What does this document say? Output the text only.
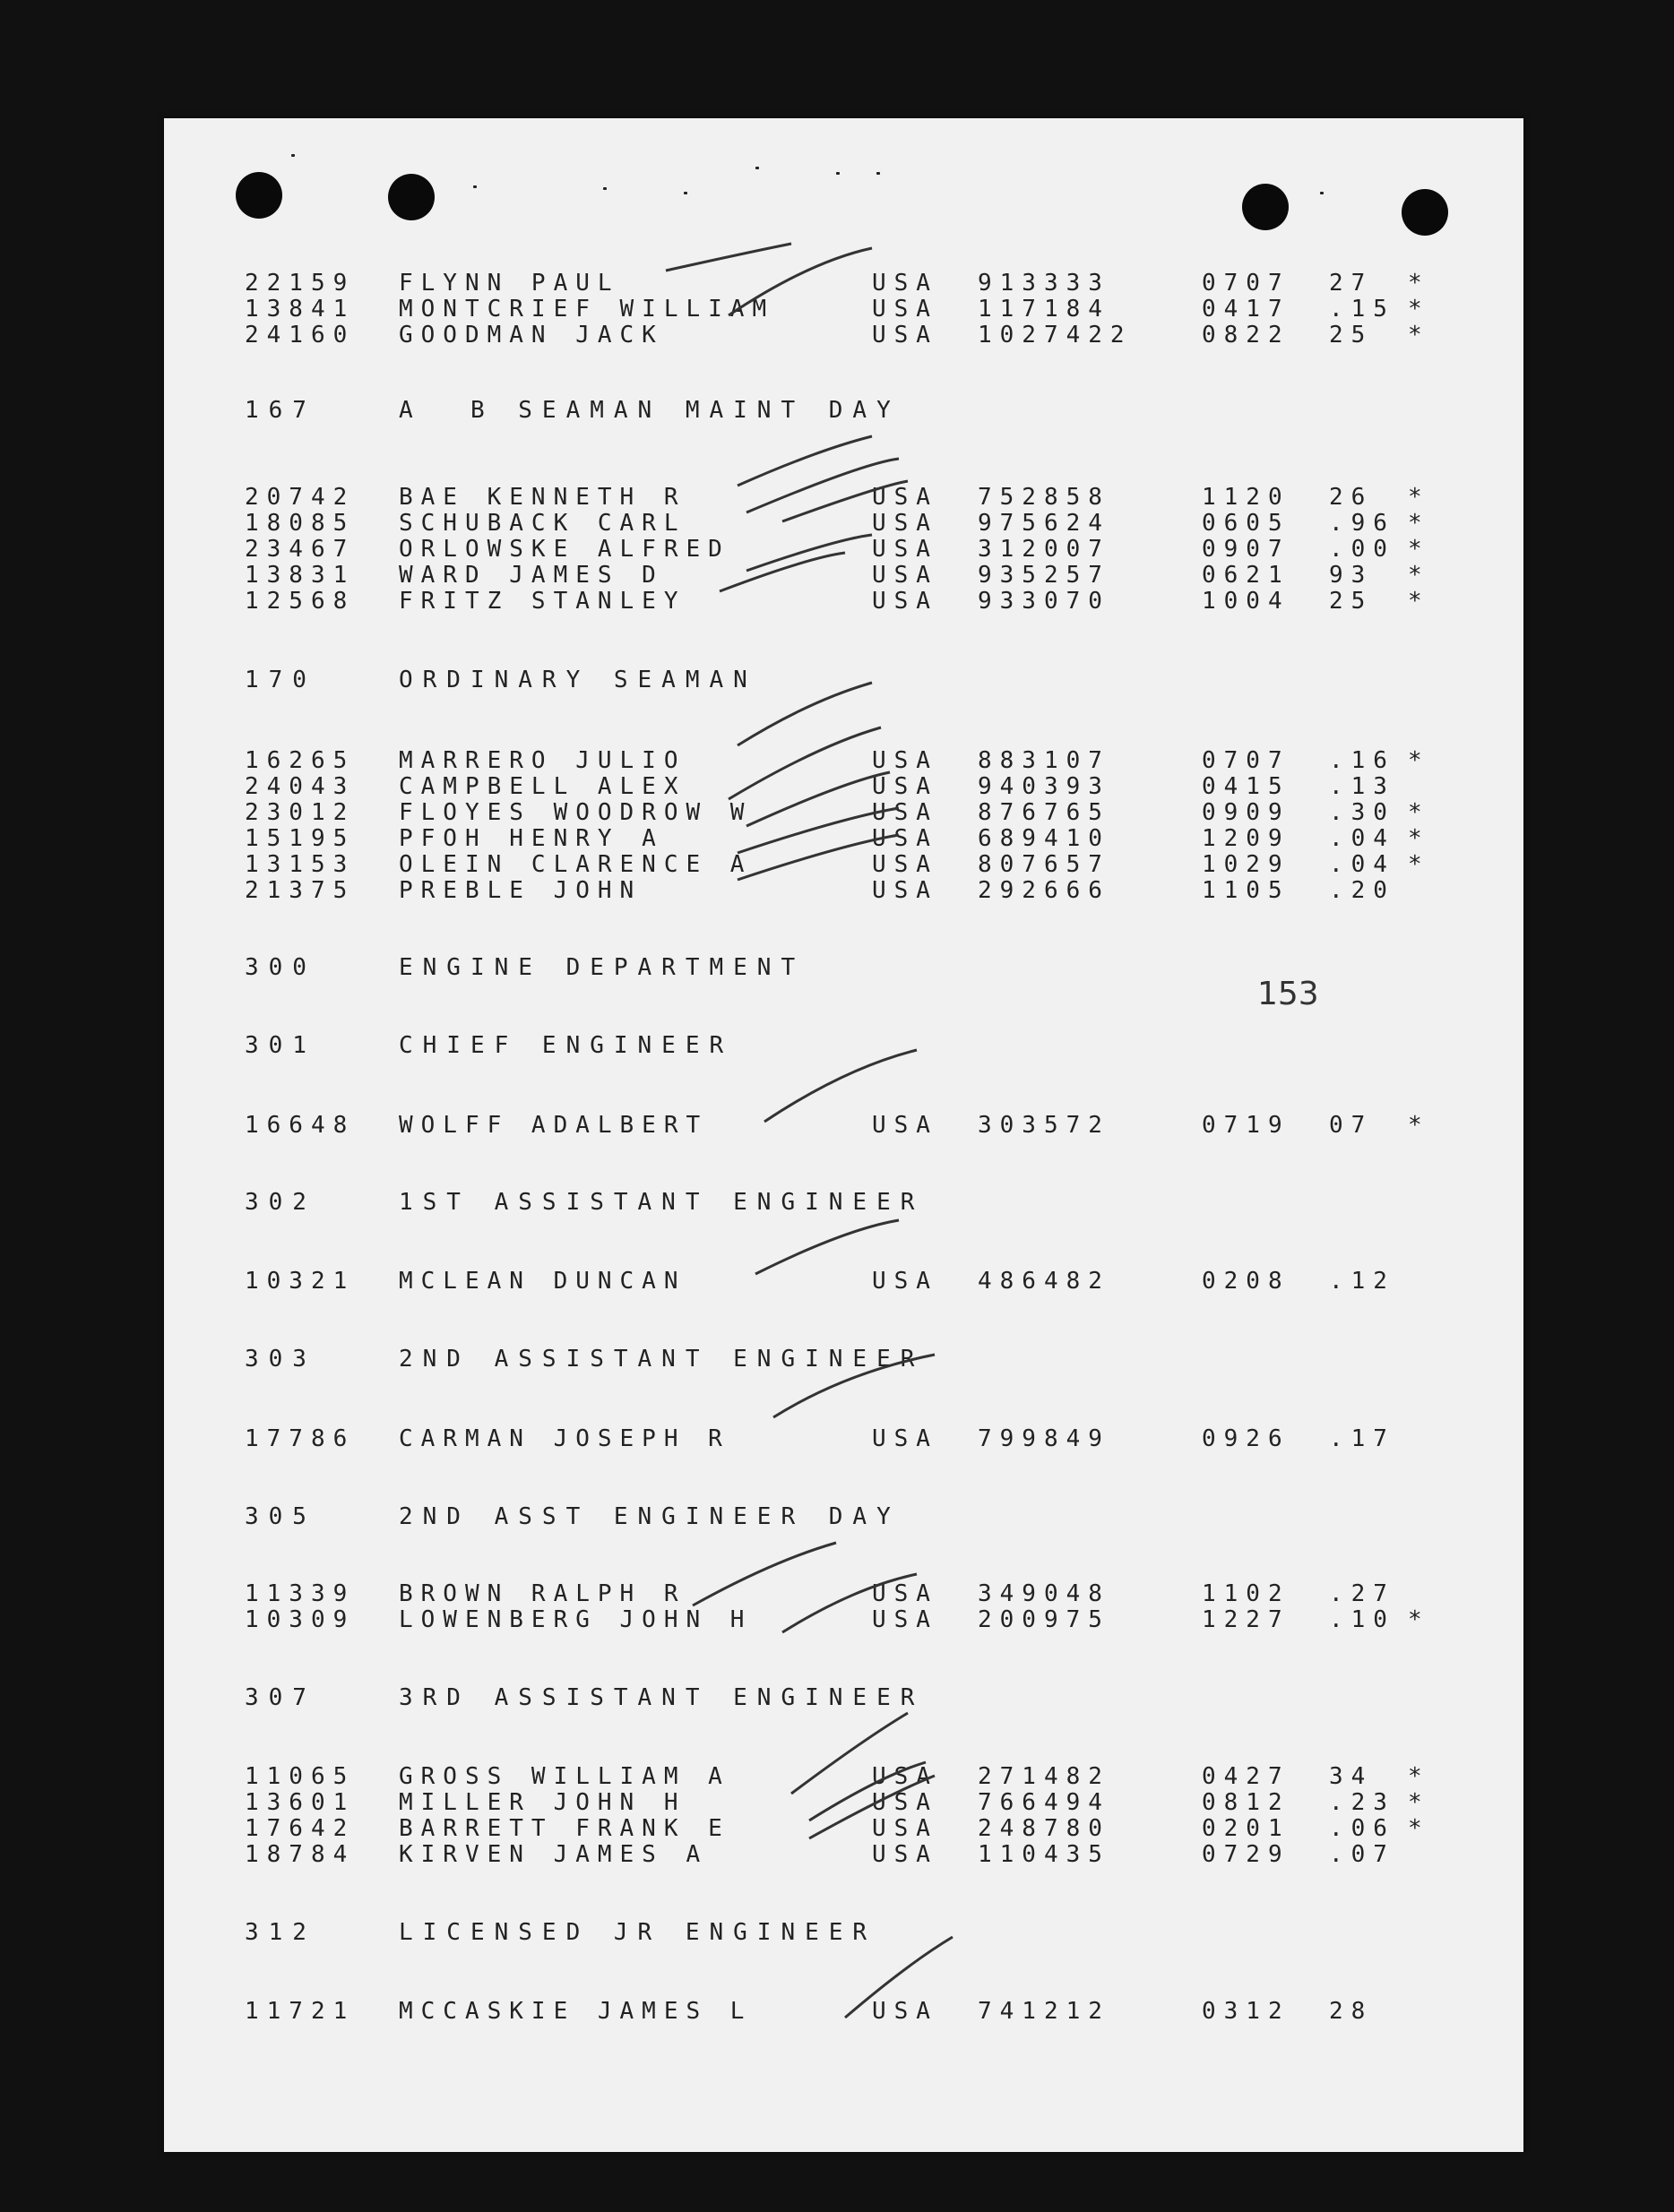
22159 FLYNN PAUL	USA 913333	0707 27 *
13841 MONTCRIEF WILLIAM	USA 117184	0417 .15 *
24160 GOODMAN JACK	USA 1027422	0822 25 *
167	A  B SEAMAN MAINT DAY
20742 BAE KENNETH R	USA 752858	1120 26 *
18085 SCHUBACK CARL	USA 975624	0605 .96 *
23467 ORLOWSKE ALFRED	USA 312007	0907 .00 *
13831 WARD JAMES D	USA 935257	0621 93 *
12568 FRITZ STANLEY	USA 933070	1004 25 *
170	ORDINARY SEAMAN
16265 MARRERO JULIO	USA 883107	0707 .16 *
24043 CAMPBELL ALEX	USA 940393	0415 .13
23012 FLOYES WOODROW W	USA 876765	0909 .30 *
15195 PFOH HENRY A	USA 689410	1209 .04 *
13153 OLEIN CLARENCE A	USA 807657	1029 .04 *
21375 PREBLE JOHN	USA 292666	1105 .20
300	ENGINE DEPARTMENT
301	CHIEF ENGINEER
16648 WOLFF ADALBERT	USA 303572	0719 07 *
302	1ST ASSISTANT ENGINEER
10321 MCLEAN DUNCAN	USA 486482	0208 .12
303	2ND ASSISTANT ENGINEER
17786 CARMAN JOSEPH R	USA 799849	0926 .17
305	2ND ASST ENGINEER DAY
11339 BROWN RALPH R	USA 349048	1102 .27
10309 LOWENBERG JOHN H	USA 200975	1227 .10 *
307	3RD ASSISTANT ENGINEER
11065 GROSS WILLIAM A	USA 271482	0427 34 *
13601 MILLER JOHN H	USA 766494	0812 .23 *
17642 BARRETT FRANK E	USA 248780	0201 .06 *
18784 KIRVEN JAMES A	USA 110435	0729 .07
312	LICENSED JR ENGINEER
11721 MCCASKIE JAMES L	USA 741212	0312 28
153
